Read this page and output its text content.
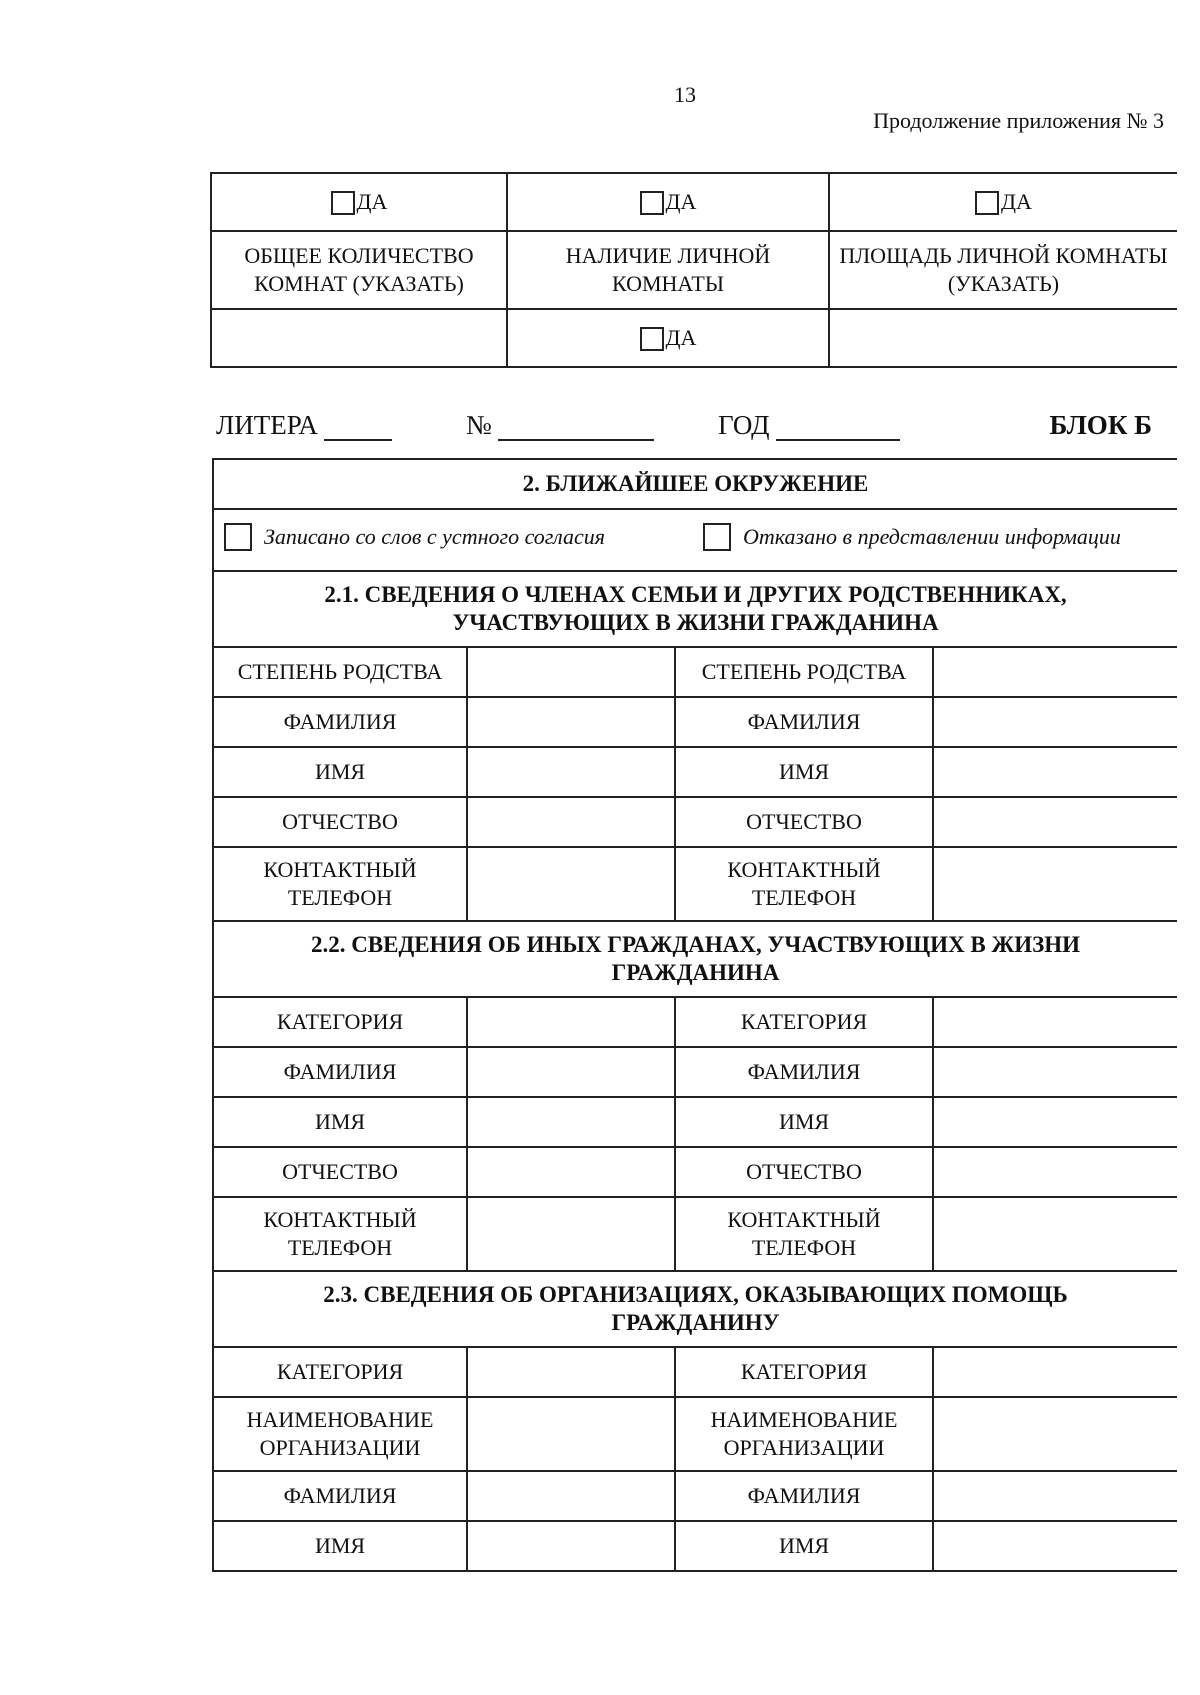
13
Продолжение приложения № 3
ДА	ДА	ДА
ОБЩЕЕ КОЛИЧЕСТВО КОМНАТ (УКАЗАТЬ)	НАЛИЧИЕ ЛИЧНОЙ КОМНАТЫ	ПЛОЩАДЬ ЛИЧНОЙ КОМНАТЫ (УКАЗАТЬ)
	ДА	
ЛИТЕРА	№	ГОД	БЛОК Б
2. БЛИЖАЙШЕЕ ОКРУЖЕНИЕ			

Записано со слов с устного согласия		Отказано в представлении информации	

2.1. СВЕДЕНИЯ О ЧЛЕНАХ СЕМЬИ И ДРУГИХ РОДСТВЕННИКАХ,
УЧАСТВУЮЩИХ В ЖИЗНИ ГРАЖДАНИНА			

СТЕПЕНЬ РОДСТВА		СТЕПЕНЬ РОДСТВА	
ФАМИЛИЯ		ФАМИЛИЯ	
ИМЯ		ИМЯ	
ОТЧЕСТВО		ОТЧЕСТВО	
КОНТАКТНЫЙ ТЕЛЕФОН		КОНТАКТНЫЙ ТЕЛЕФОН	

2.2. СВЕДЕНИЯ ОБ ИНЫХ ГРАЖДАНАХ, УЧАСТВУЮЩИХ В ЖИЗНИ
ГРАЖДАНИНА			

КАТЕГОРИЯ		КАТЕГОРИЯ	
ФАМИЛИЯ		ФАМИЛИЯ	
ИМЯ		ИМЯ	
ОТЧЕСТВО		ОТЧЕСТВО	
КОНТАКТНЫЙ ТЕЛЕФОН		КОНТАКТНЫЙ ТЕЛЕФОН	

2.3. СВЕДЕНИЯ ОБ ОРГАНИЗАЦИЯХ, ОКАЗЫВАЮЩИХ ПОМОЩЬ
ГРАЖДАНИНУ			

КАТЕГОРИЯ		КАТЕГОРИЯ	
НАИМЕНОВАНИЕ ОРГАНИЗАЦИИ		НАИМЕНОВАНИЕ ОРГАНИЗАЦИИ	
ФАМИЛИЯ		ФАМИЛИЯ	
ИМЯ		ИМЯ	
